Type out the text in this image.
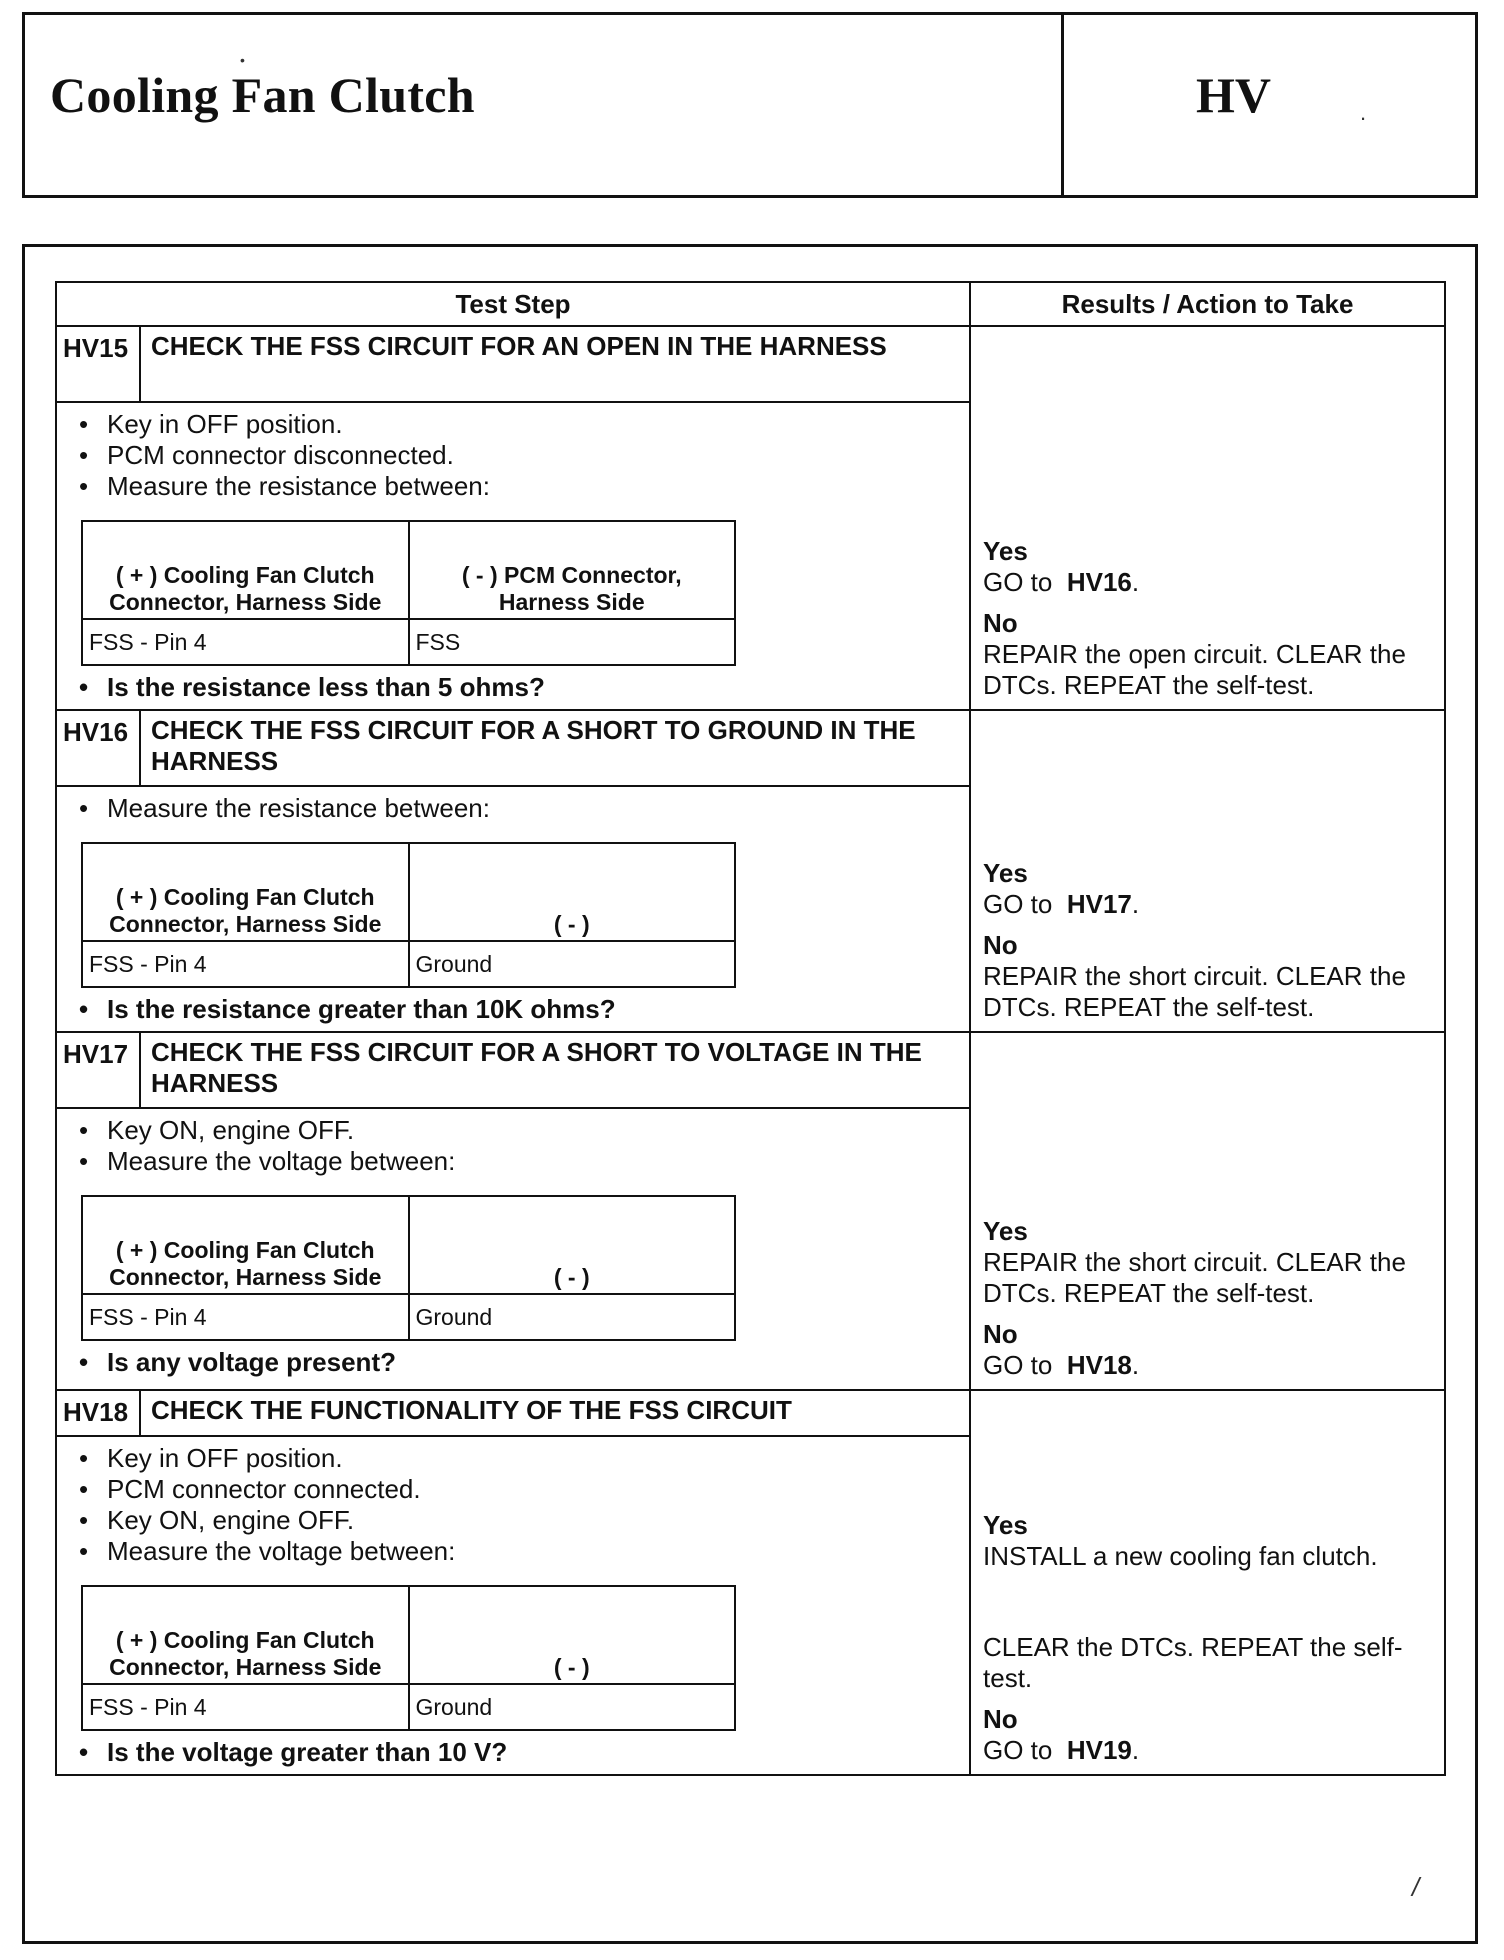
Cooling Fan Clutch	HV
•
.
Test Step	Results / Action to Take
HV15	CHECK THE FSS CIRCUIT FOR AN OPEN IN THE HARNESS	
Yes
GO to HV16.
No
REPAIR the open circuit. CLEAR the DTCs. REPEAT the self-test.

• Key in OFF position.
• PCM connector disconnected.
• Measure the resistance between:
( + ) Cooling Fan Clutch Connector, Harness Side	( - ) PCM Connector, Harness Side
FSS - Pin 4	FSS
• Is the resistance less than 5 ohms?

HV16	CHECK THE FSS CIRCUIT FOR A SHORT TO GROUND IN THE HARNESS	
Yes
GO to HV17.
No
REPAIR the short circuit. CLEAR the DTCs. REPEAT the self-test.

• Measure the resistance between:
( + ) Cooling Fan Clutch Connector, Harness Side	( - )
FSS - Pin 4	Ground
• Is the resistance greater than 10K ohms?

HV17	CHECK THE FSS CIRCUIT FOR A SHORT TO VOLTAGE IN THE HARNESS	
Yes
REPAIR the short circuit. CLEAR the DTCs. REPEAT the self-test.
No
GO to HV18.

• Key ON, engine OFF.
• Measure the voltage between:
( + ) Cooling Fan Clutch Connector, Harness Side	( - )
FSS - Pin 4	Ground
• Is any voltage present?

HV18	CHECK THE FUNCTIONALITY OF THE FSS CIRCUIT	
Yes
INSTALL a new cooling fan clutch.
CLEAR the DTCs. REPEAT the self-test.
No
GO to HV19.

• Key in OFF position.
• PCM connector connected.
• Key ON, engine OFF.
• Measure the voltage between:
( + ) Cooling Fan Clutch Connector, Harness Side	( - )
FSS - Pin 4	Ground
• Is the voltage greater than 10 V?
/
